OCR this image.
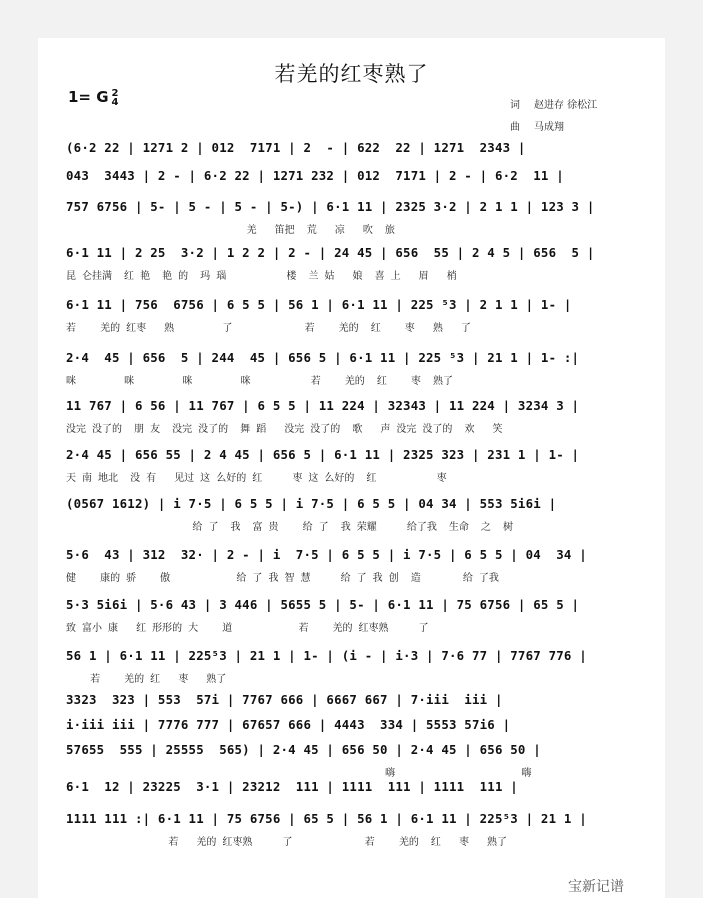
若羌的红枣熟了
1= G 2
4	词 赵进存 徐松江
曲 马成翔
(6·2 22 | 1271 2 | 012  7171 | 2  - | 622  22 | 1271  2343 |
043  3443 | 2 - | 6·2 22 | 1271 232 | 012  7171 | 2 - | 6·2  11 |
757 6756 | 5- | 5 - | 5 - | 5-) | 6·1 11 | 2325 3·2 | 2 1 1 | 123 3 |
羌   笛把  荒   凉   吹  旅
6·1 11 | 2 25  3·2 | 1 2 2 | 2 - | 24 45 | 656  55 | 2 4 5 | 656  5 |
昆 仑挂满  红 艳  艳 的  玛 瑙          楼  兰 姑   娘  喜 上   眉   梢
6·1 11 | 756  6756 | 6 5 5 | 56 1 | 6·1 11 | 225 ⁵3 | 2 1 1 | 1- |
若    羌的 红枣   熟        了            若    羌的  红    枣   熟   了
2·4  45 | 656  5 | 244  45 | 656 5 | 6·1 11 | 225 ⁵3 | 21 1 | 1- :|
咪        咪        咪        咪          若    羌的  红    枣  熟了
11 767 | 6 56 | 11 767 | 6 5 5 | 11 224 | 32343 | 11 224 | 3234 3 |
没完 没了的  朋 友  没完 没了的  舞 蹈   没完 没了的  歌   声 没完 没了的  欢   笑
2·4 45 | 656 55 | 2 4 45 | 656 5 | 6·1 11 | 2325 323 | 231 1 | 1- |
天 南 地北  没 有   见过 这 么好的 红     枣 这 么好的  红          枣
(0567 1612) | i 7·5 | 6 5 5 | i 7·5 | 6 5 5 | 04 34 | 553 5i6i |
给 了  我  富 贵    给 了  我 荣耀     给了我  生命  之  树
5·6  43 | 312  32· | 2 - | i  7·5 | 6 5 5 | i 7·5 | 6 5 5 | 04  34 |
健    康的 骄    傲           给 了 我 智 慧     给 了 我 创  造       给 了我
5·3 5i6i | 5·6 43 | 3 446 | 5655 5 | 5- | 6·1 11 | 75 6756 | 65 5 |
致 富小 康   红 形形的 大    道           若    羌的 红枣熟     了
56 1 | 6·1 11 | 225⁵3 | 21 1 | 1- | (i - | i·3 | 7·6 77 | 7767 776 |
若    羌的 红   枣   熟了
3323  323 | 553  57i | 7767 666 | 6667 667 | 7·iii  iii |
i·iii iii | 7776 777 | 67657 666 | 4443  334 | 5553 57i6 |
57655  555 | 25555  565) | 2·4 45 | 656 50 | 2·4 45 | 656 50 |
嗨                     嗨
6·1  12 | 23225  3·1 | 23212  111 | 1111  111 | 1111  111 |
1111 111 :| 6·1 11 | 75 6756 | 65 5 | 56 1 | 6·1 11 | 225⁵3 | 21 1 |
若   羌的 红枣熟     了            若    羌的  红   枣   熟了
宝新记谱
